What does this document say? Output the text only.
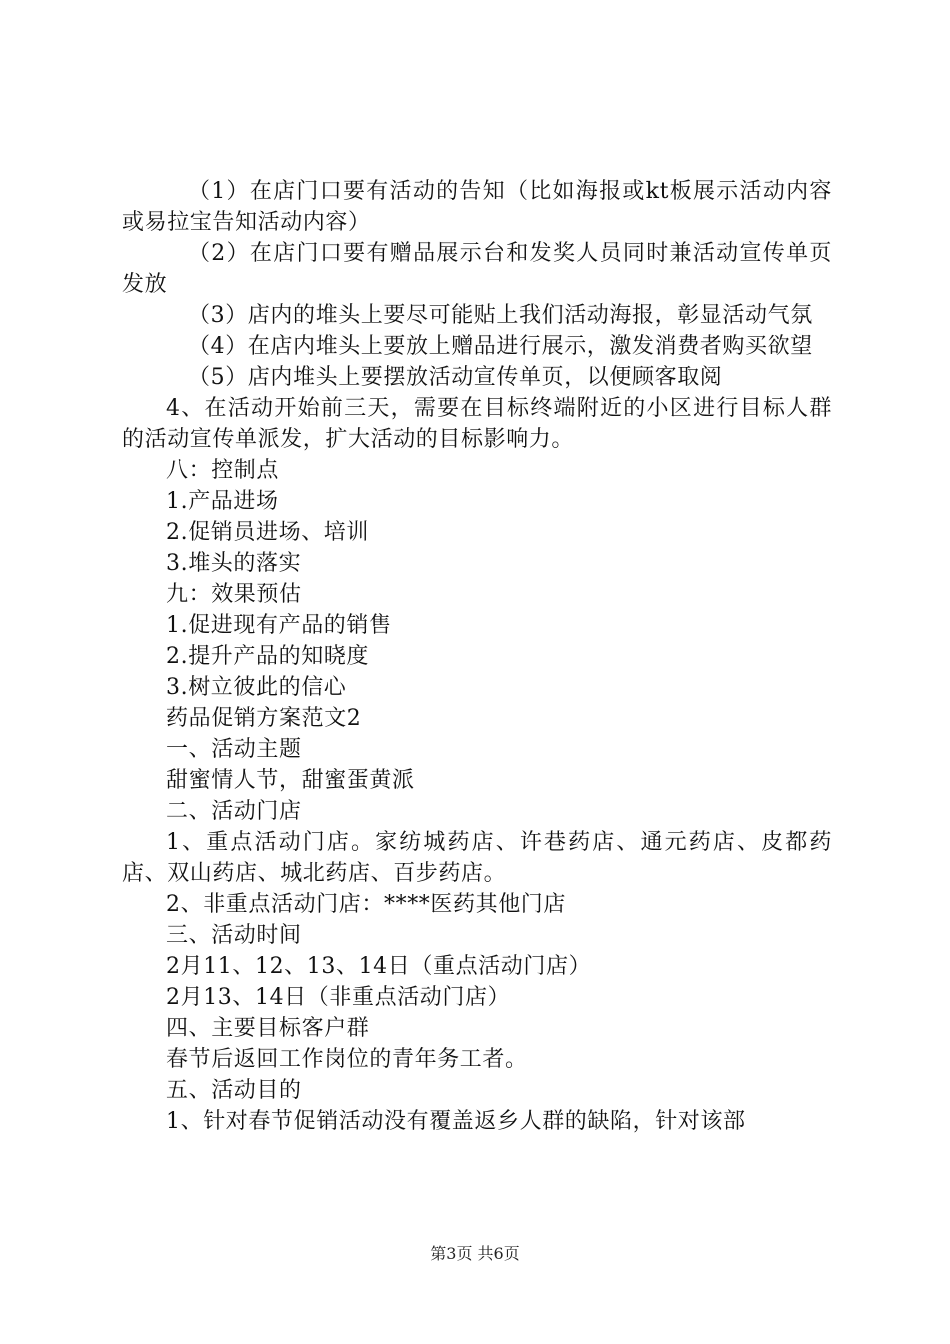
（1）在店门口要有活动的告知（比如海报或kt板展示活动内容或易拉宝告知活动内容）

（2）在店门口要有赠品展示台和发奖人员同时兼活动宣传单页发放

（3）店内的堆头上要尽可能贴上我们活动海报，彰显活动气氛

（4）在店内堆头上要放上赠品进行展示，激发消费者购买欲望

（5）店内堆头上要摆放活动宣传单页，以便顾客取阅

4、在活动开始前三天，需要在目标终端附近的小区进行目标人群的活动宣传单派发，扩大活动的目标影响力。

八：控制点

1.产品进场

2.促销员进场、培训

3.堆头的落实

九：效果预估

1.促进现有产品的销售

2.提升产品的知晓度

3.树立彼此的信心

药品促销方案范文2

一、活动主题

甜蜜情人节，甜蜜蛋黄派

二、活动门店

1、重点活动门店。家纺城药店、许巷药店、通元药店、皮都药店、双山药店、城北药店、百步药店。

2、非重点活动门店：****医药其他门店

三、活动时间

2月11、12、13、14日（重点活动门店）

2月13、14日（非重点活动门店）

四、主要目标客户群

春节后返回工作岗位的青年务工者。

五、活动目的

1、针对春节促销活动没有覆盖返乡人群的缺陷，针对该部

第3页 共6页
